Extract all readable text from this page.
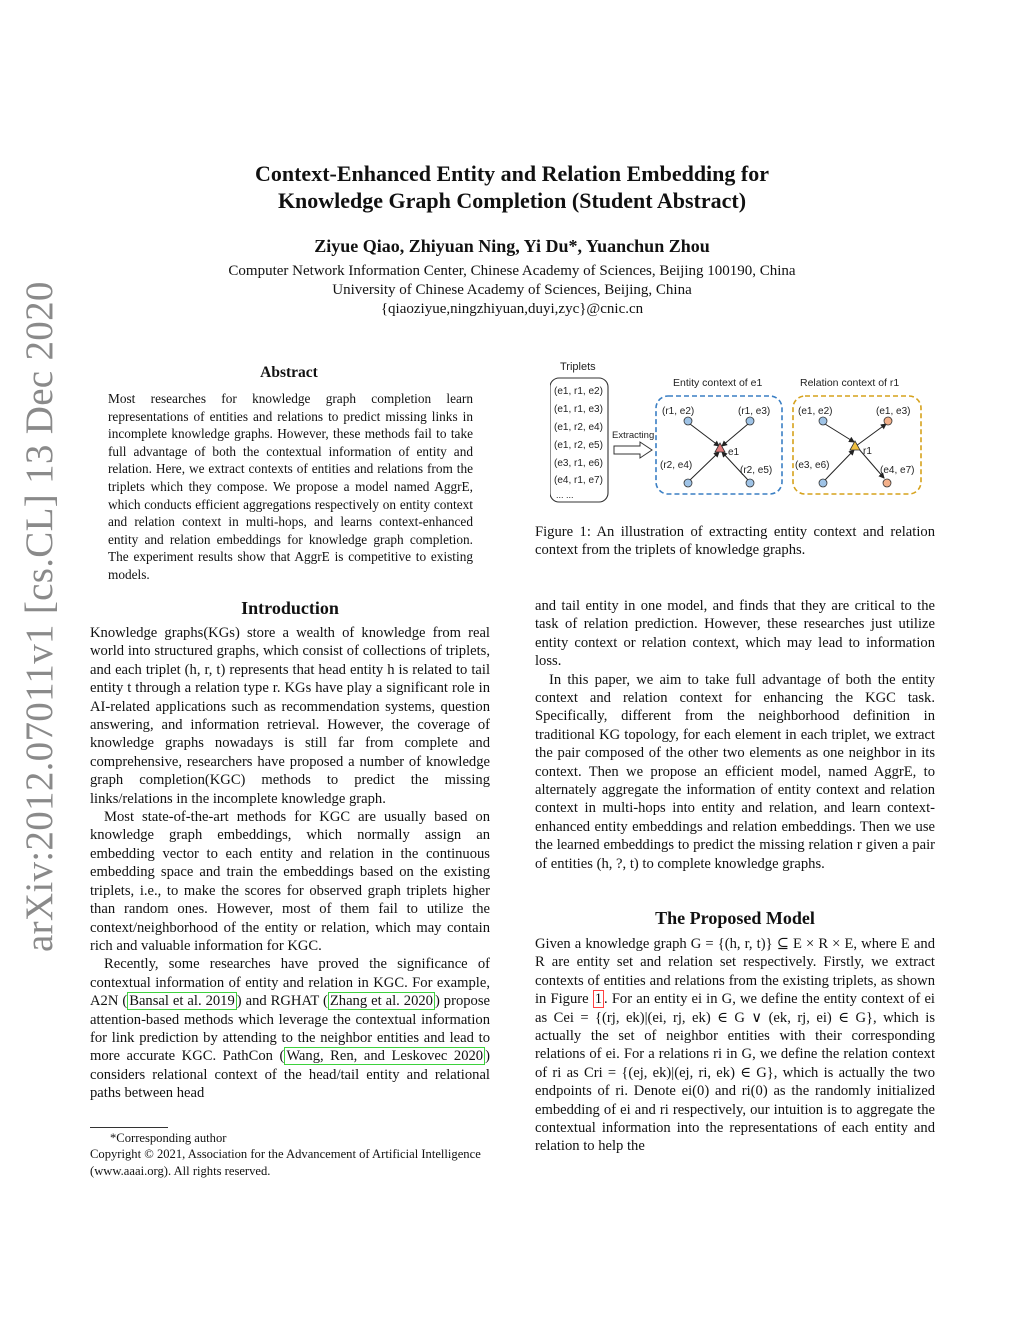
Context-Enhanced Entity and Relation Embedding for
Knowledge Graph Completion (Student Abstract)
Ziyue Qiao, Zhiyuan Ning, Yi Du*, Yuanchun Zhou
Computer Network Information Center, Chinese Academy of Sciences, Beijing 100190, China
University of Chinese Academy of Sciences, Beijing, China
{qiaoziyue,ningzhiyuan,duyi,zyc}@cnic.cn
arXiv:2012.07011v1 [cs.CL] 13 Dec 2020	Abstract
Most researches for knowledge graph completion learn representations of entities and relations to predict missing links in incomplete knowledge graphs. However, these methods fail to take full advantage of both the contextual information of entity and relation. Here, we extract contexts of entities and relations from the triplets which they compose. We propose a model named AggrE, which conducts efficient aggregations respectively on entity context and relation context in multi-hops, and learns context-enhanced entity and relation embeddings for knowledge graph completion. The experiment results show that AggrE is competitive to existing models.
Triplets
(e1, r1, e2)
(e1, r1, e3)
(e1, r2, e4)
(e1, r2, e5)
(e3, r1, e6)
(e4, r1, e7)
... ...
Extracting
Entity context of e1	Relation context of r1
(r1, e2)	(r1, e3)
(r2, e4)	(r2, e5)
e1
(e1, e2)	(e1, e3)
(e3, e6)	(e4, e7)
r1
Figure 1: An illustration of extracting entity context and relation context from the triplets of knowledge graphs.
Introduction

Knowledge graphs(KGs) store a wealth of knowledge from real world into structured graphs, which consist of collections of triplets, and each triplet (h, r, t) represents that head entity h is related to tail entity t through a relation type r. KGs have play a significant role in AI-related applications such as recommendation systems, question answering, and information retrieval. However, the coverage of knowledge graphs nowadays is still far from complete and comprehensive, researchers have proposed a number of knowledge graph completion(KGC) methods to predict the missing links/relations in the incomplete knowledge graph.

Most state-of-the-art methods for KGC are usually based on knowledge graph embeddings, which normally assign an embedding vector to each entity and relation in the continuous embedding space and train the embeddings based on the existing triplets, i.e., to make the scores for observed graph triplets higher than random ones. However, most of them fail to utilize the context/neighborhood of the entity or relation, which may contain rich and valuable information for KGC.

Recently, some researches have proved the significance of contextual information of entity and relation in KGC. For example, A2N ( Bansal et al. 2019 ) and RGHAT ( Zhang et al. 2020 ) propose attention-based methods which leverage the contextual information for link prediction by attending to the neighbor entities and lead to more accurate KGC. PathCon ( Wang, Ren, and Leskovec 2020 ) considers relational context of the head/tail entity and relational paths between head

*Corresponding author
Copyright © 2021, Association for the Advancement of Artificial Intelligence (www.aaai.org). All rights reserved.

and tail entity in one model, and finds that they are critical to the task of relation prediction. However, these researches just utilize entity context or relation context, which may lead to information loss.

In this paper, we aim to take full advantage of both the entity context and relation context for enhancing the KGC task. Specifically, different from the neighborhood definition in traditional KG topology, for each element in each triplet, we extract the pair composed of the other two elements as one neighbor in its context. Then we propose an efficient model, named AggrE, to alternately aggregate the information of entity context and relation context in multi-hops into entity and relation, and learn context-enhanced entity embeddings and relation embeddings. Then we use the learned embeddings to predict the missing relation r given a pair of entities (h, ?, t) to complete knowledge graphs.

The Proposed Model

Given a knowledge graph G = {(h, r, t)} ⊆ E × R × E, where E and R are entity set and relation set respectively. Firstly, we extract contexts of entities and relations from the existing triplets, as shown in Figure 1 . For an entity ei in G, we define the entity context of ei as Cei = {(rj, ek)|(ei, rj, ek) ∈ G ∨ (ek, rj, ei) ∈ G}, which is actually the set of neighbor entities with their corresponding relations of ei. For a relations ri in G, we define the relation context of ri as Cri = {(ej, ek)|(ej, ri, ek) ∈ G}, which is actually the two endpoints of ri. Denote ei(0) and ri(0) as the randomly initialized embedding of ei and ri respectively, our intuition is to aggregate the contextual information into the representations of each entity and relation to help the
